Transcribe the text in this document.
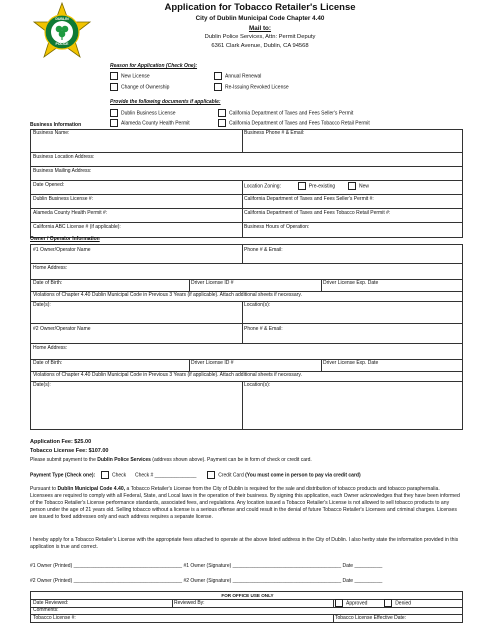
DUBLIN
POLICE
Application for Tobacco Retailer's License
City of Dublin Municipal Code Chapter 4.40
Mail to:
Dublin Police Services, Attn: Permit Deputy
6361 Clark Avenue, Dublin, CA 94568
Reason for Application (Check One):
New License	Annual Renewal
Change of Ownership	Re-Issuing Revoked License
Provide the following documents if applicable:
Dublin Business License	California Department of Taxes and Fees Seller's Permit
Alameda County Health Permit	California Department of Taxes and Fees Tobacco Retail Permit
Business Information
Business Name:	Business Phone # & Email:
Business Location Address:
Business Mailing Address:
Date Opened:	Location Zoning:	Pre-existing	New
Dublin Business License #:	California Department of Taxes and Fees Seller's Permit #:
Alameda County Health Permit #:	California Department of Taxes and Fees Tobacco Retail Permit #:
California ABC License # (if applicable):	Business Hours of Operation:
Owner / Operator Information
#1 Owner/Operator Name	Phone # & Email:
Home Address:
Date of Birth:	Driver License ID #	Driver License Exp. Date
Violations of Chapter 4.40 Dublin Municipal Code in Previous 3 Years (if applicable). Attach additional sheets if necessary.
Date(s):	Location(s):
#2 Owner/Operator Name	Phone # & Email:
Home Address:
Date of Birth:	Driver License ID #	Driver License Exp. Date
Violations of Chapter 4.40 Dublin Municipal Code in Previous 3 Years (if applicable). Attach additional sheets if necessary.
Date(s):	Location(s):
Application Fee: $25.00
Tobacco License Fee: $107.00
Please submit payment to the Dublin Police Services (address shown above). Payment can be in form of check or credit card.
Payment Type (Check one):	Check Check # _______________	Credit Card (You must come in person to pay via credit card)
Pursuant to Dublin Municipal Code 4.40, a Tobacco Retailer's License from the City of Dublin is required for the sale and distribution of tobacco products and tobacco paraphernalia. Licensees are required to comply with all Federal, State, and Local laws in the operation of their business. By signing this application, each Owner acknowledges that they have been informed of the Tobacco Retailer's License performance standards, associated fees, and regulations. Any location issued a Tobacco Retailer's License is not allowed to sell tobacco products to any person under the age of 21 years old. Selling tobacco without a license is a serious offense and could result in the denial of future Tobacco Retailer's Licenses and criminal charges. Licenses are issued to fixed addresses only and each address requires a separate license.
I hereby apply for a Tobacco Retailer's License with the appropriate fees attached to operate at the above listed address in the City of Dublin. I also herby state the information provided in this application is true and correct.
#1 Owner (Printed) _______________________________________ #1 Owner (Signature) _______________________________________ Date __________
#2 Owner (Printed) _______________________________________ #2 Owner (Signature) _______________________________________ Date __________
FOR OFFICE USE ONLY
Date Reviewed:	Reviewed By:	Approved	Denied
Comments:
Tobacco License #:	Tobacco License Effective Date:
